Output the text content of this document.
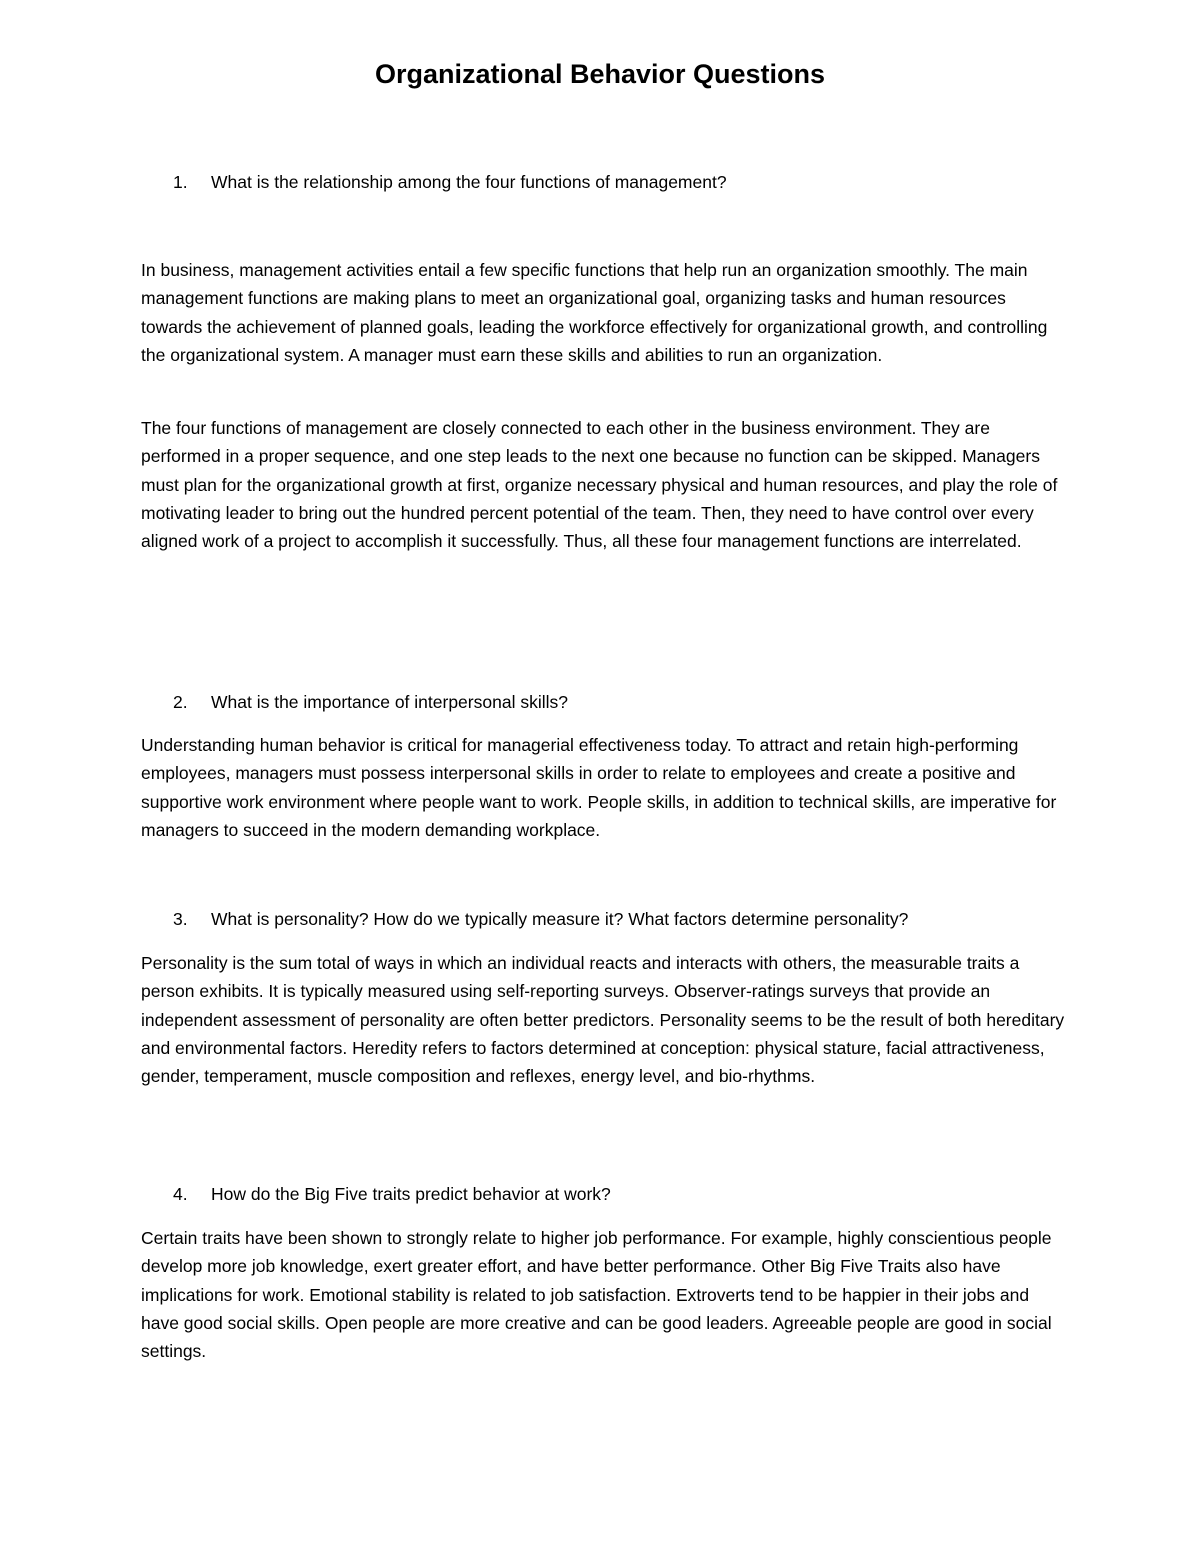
Organizational Behavior Questions

1. What is the relationship among the four functions of management?

In business, management activities entail a few specific functions that help run an organization smoothly. The main management functions are making plans to meet an organizational goal, organizing tasks and human resources towards the achievement of planned goals, leading the workforce effectively for organizational growth, and controlling the organizational system. A manager must earn these skills and abilities to run an organization.

The four functions of management are closely connected to each other in the business environment. They are performed in a proper sequence, and one step leads to the next one because no function can be skipped. Managers must plan for the organizational growth at first, organize necessary physical and human resources, and play the role of motivating leader to bring out the hundred percent potential of the team. Then, they need to have control over every aligned work of a project to accomplish it successfully. Thus, all these four management functions are interrelated.

2. What is the importance of interpersonal skills?

Understanding human behavior is critical for managerial effectiveness today. To attract and retain high-performing employees, managers must possess interpersonal skills in order to relate to employees and create a positive and supportive work environment where people want to work. People skills, in addition to technical skills, are imperative for managers to succeed in the modern demanding workplace.

3. What is personality? How do we typically measure it? What factors determine personality?

Personality is the sum total of ways in which an individual reacts and interacts with others, the measurable traits a person exhibits. It is typically measured using self-reporting surveys. Observer-ratings surveys that provide an independent assessment of personality are often better predictors. Personality seems to be the result of both hereditary and environmental factors. Heredity refers to factors determined at conception: physical stature, facial attractiveness, gender, temperament, muscle composition and reflexes, energy level, and bio-rhythms.

4. How do the Big Five traits predict behavior at work?

Certain traits have been shown to strongly relate to higher job performance. For example, highly conscientious people develop more job knowledge, exert greater effort, and have better performance. Other Big Five Traits also have implications for work. Emotional stability is related to job satisfaction. Extroverts tend to be happier in their jobs and have good social skills. Open people are more creative and can be good leaders. Agreeable people are good in social settings.
